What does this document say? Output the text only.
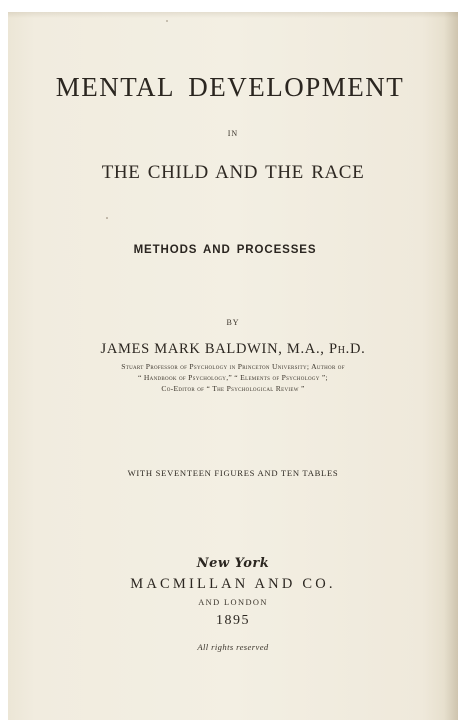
MENTAL DEVELOPMENT
IN
THE CHILD AND THE RACE
METHODS AND PROCESSES
BY
JAMES MARK BALDWIN, M.A., Ph.D.
Stuart Professor of Psychology in Princeton University; Author of
“ Handbook of Psychology,” “ Elements of Psychology ”;
Co-Editor of “ The Psychological Review ”
WITH SEVENTEEN FIGURES AND TEN TABLES
New York
MACMILLAN AND CO.
AND LONDON
1895
All rights reserved
